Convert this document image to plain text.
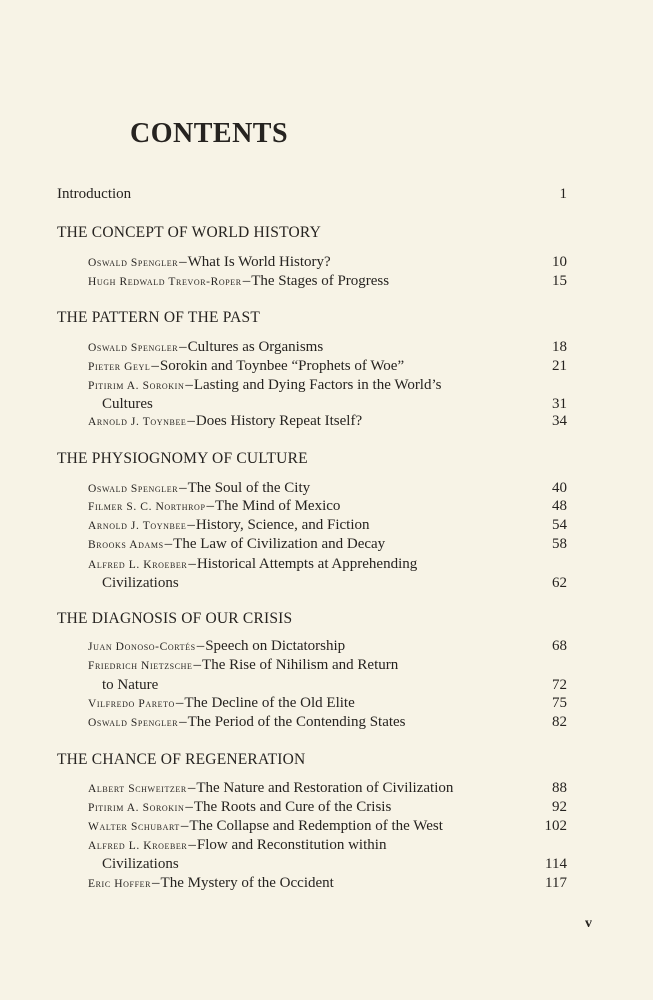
CONTENTS
Introduction	1
THE CONCEPT OF WORLD HISTORY
Oswald Spengler–What Is World History?	10
Hugh Redwald Trevor-Roper–The Stages of Progress	15
THE PATTERN OF THE PAST
Oswald Spengler–Cultures as Organisms	18
Pieter Geyl–Sorokin and Toynbee “Prophets of Woe”	21
Pitirim A. Sorokin–Lasting and Dying Factors in the World’s
Cultures	31
Arnold J. Toynbee–Does History Repeat Itself?	34
THE PHYSIOGNOMY OF CULTURE
Oswald Spengler–The Soul of the City	40
Filmer S. C. Northrop–The Mind of Mexico	48
Arnold J. Toynbee–History, Science, and Fiction	54
Brooks Adams–The Law of Civilization and Decay	58
Alfred L. Kroeber–Historical Attempts at Apprehending
Civilizations	62
THE DIAGNOSIS OF OUR CRISIS
Juan Donoso-Cortés–Speech on Dictatorship	68
Friedrich Nietzsche–The Rise of Nihilism and Return
to Nature	72
Vilfredo Pareto–The Decline of the Old Elite	75
Oswald Spengler–The Period of the Contending States	82
THE CHANCE OF REGENERATION
Albert Schweitzer–The Nature and Restoration of Civilization	88
Pitirim A. Sorokin–The Roots and Cure of the Crisis	92
Walter Schubart–The Collapse and Redemption of the West	102
Alfred L. Kroeber–Flow and Reconstitution within
Civilizations	114
Eric Hoffer–The Mystery of the Occident	117
v
